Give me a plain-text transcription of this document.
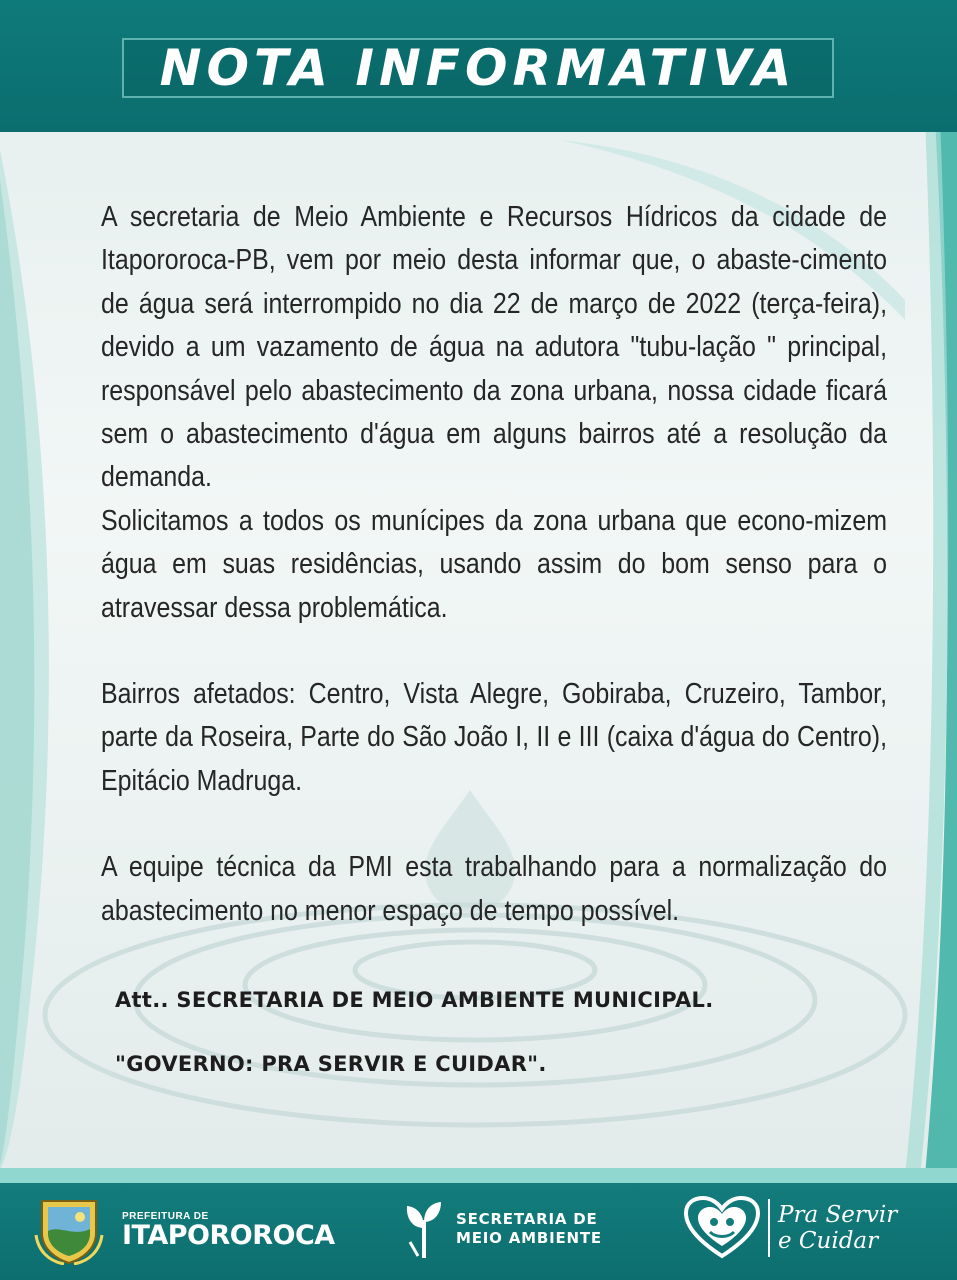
NOTA INFORMATIVA

A secretaria de Meio Ambiente e Recursos Hídricos da cidade de Itapororoca-PB, vem por meio desta informar que, o abaste-cimento de água será interrompido no dia 22 de março de 2022 (terça-feira), devido a um vazamento de água na adutora "tubu-lação " principal, responsável pelo abastecimento da zona urbana, nossa cidade ficará sem o abastecimento d'água em alguns bairros até a resolução da demanda.

Solicitamos a todos os munícipes da zona urbana que econo-mizem água em suas residências, usando assim do bom senso para o atravessar dessa problemática.

Bairros afetados: Centro, Vista Alegre, Gobiraba, Cruzeiro, Tambor, parte da Roseira, Parte do São João I, II e III (caixa d'água do Centro), Epitácio Madruga.

A equipe técnica da PMI esta trabalhando para a normalização do abastecimento no menor espaço de tempo possível.

Att.. SECRETARIA DE MEIO AMBIENTE MUNICIPAL.
"GOVERNO: PRA SERVIR E CUIDAR".
PREFEITURA DE
ITAPOROROCA
SECRETARIA DE
MEIO AMBIENTE
Pra Servir
e Cuidar
